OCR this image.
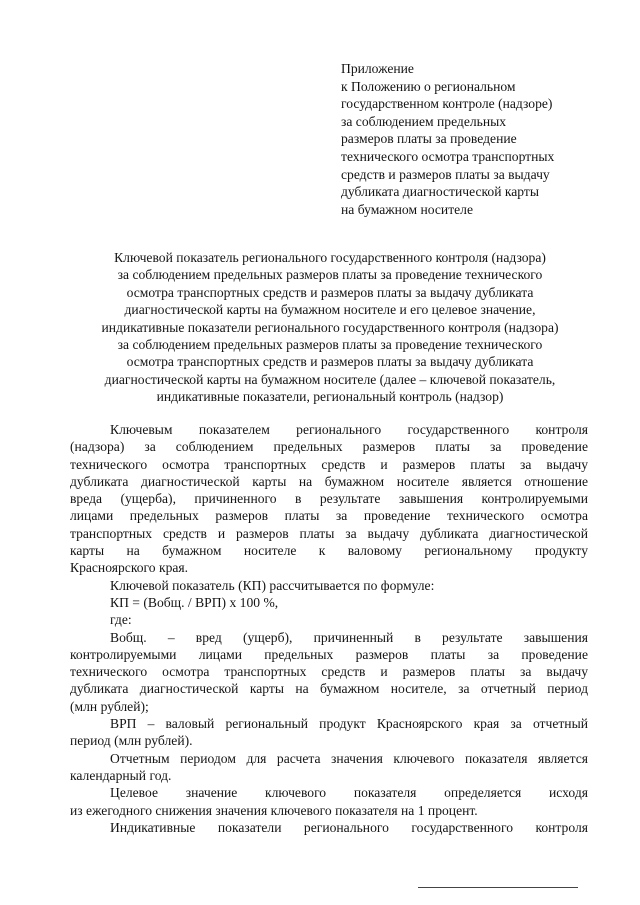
Приложение
к Положению о региональном
государственном контроле (надзоре)
за соблюдением предельных
размеров платы за проведение
технического осмотра транспортных
средств и размеров платы за выдачу
дубликата диагностической карты
на бумажном носителе
Ключевой показатель регионального государственного контроля (надзора)
за соблюдением предельных размеров платы за проведение технического
осмотра транспортных средств и размеров платы за выдачу дубликата
диагностической карты на бумажном носителе и его целевое значение,
индикативные показатели регионального государственного контроля (надзора)
за соблюдением предельных размеров платы за проведение технического
осмотра транспортных средств и размеров платы за выдачу дубликата
диагностической карты на бумажном носителе (далее – ключевой показатель,
индикативные показатели, региональный контроль (надзор)

Ключевым показателем регионального государственного контроля
(надзора) за соблюдением предельных размеров платы за проведение
технического осмотра транспортных средств и размеров платы за выдачу
дубликата диагностической карты на бумажном носителе является отношение
вреда (ущерба), причиненного в результате завышения контролируемыми
лицами предельных размеров платы за проведение технического осмотра
транспортных средств и размеров платы за выдачу дубликата диагностической
карты на бумажном носителе к валовому региональному продукту
Красноярского края.

Ключевой показатель (КП) рассчитывается по формуле:

КП = (Вобщ. / ВРП) х 100 %,

где:

Вобщ. – вред (ущерб), причиненный в результате завышения
контролируемыми лицами предельных размеров платы за проведение
технического осмотра транспортных средств и размеров платы за выдачу
дубликата диагностической карты на бумажном носителе, за отчетный период
(млн рублей);

ВРП – валовый региональный продукт Красноярского края за отчетный
период (млн рублей).

Отчетным периодом для расчета значения ключевого показателя является
календарный год.

Целевое значение ключевого показателя определяется исходя
из ежегодного снижения значения ключевого показателя на 1 процент.

Индикативные показатели регионального государственного контроля
